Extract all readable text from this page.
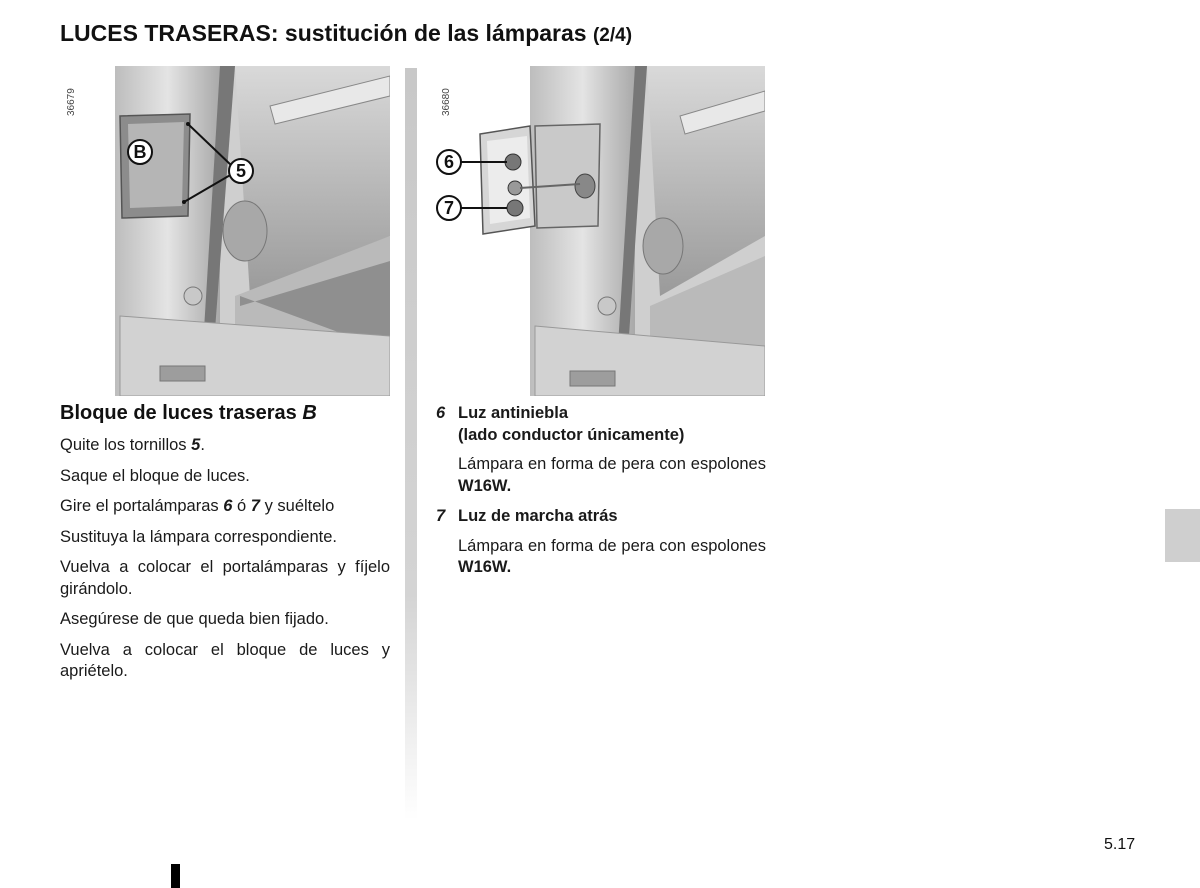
LUCES TRASERAS: sustitución de las lámparas (2/4)
36679
B
5
36680
6
7
Bloque de luces traseras B

Quite los tornillos 5.

Saque el bloque de luces.

Gire el portalámparas 6 ó 7 y suéltelo

Sustituya la lámpara correspondiente.

Vuelva a colocar el portalámparas y fíjelo girándolo.

Asegúrese de que queda bien fijado.

Vuelva a colocar el bloque de luces y apriételo.

6 Luz antiniebla
(lado conductor únicamente)
Lámpara en forma de pera con espolones W16W.
7 Luz de marcha atrás
Lámpara en forma de pera con espolones W16W.
5.17
